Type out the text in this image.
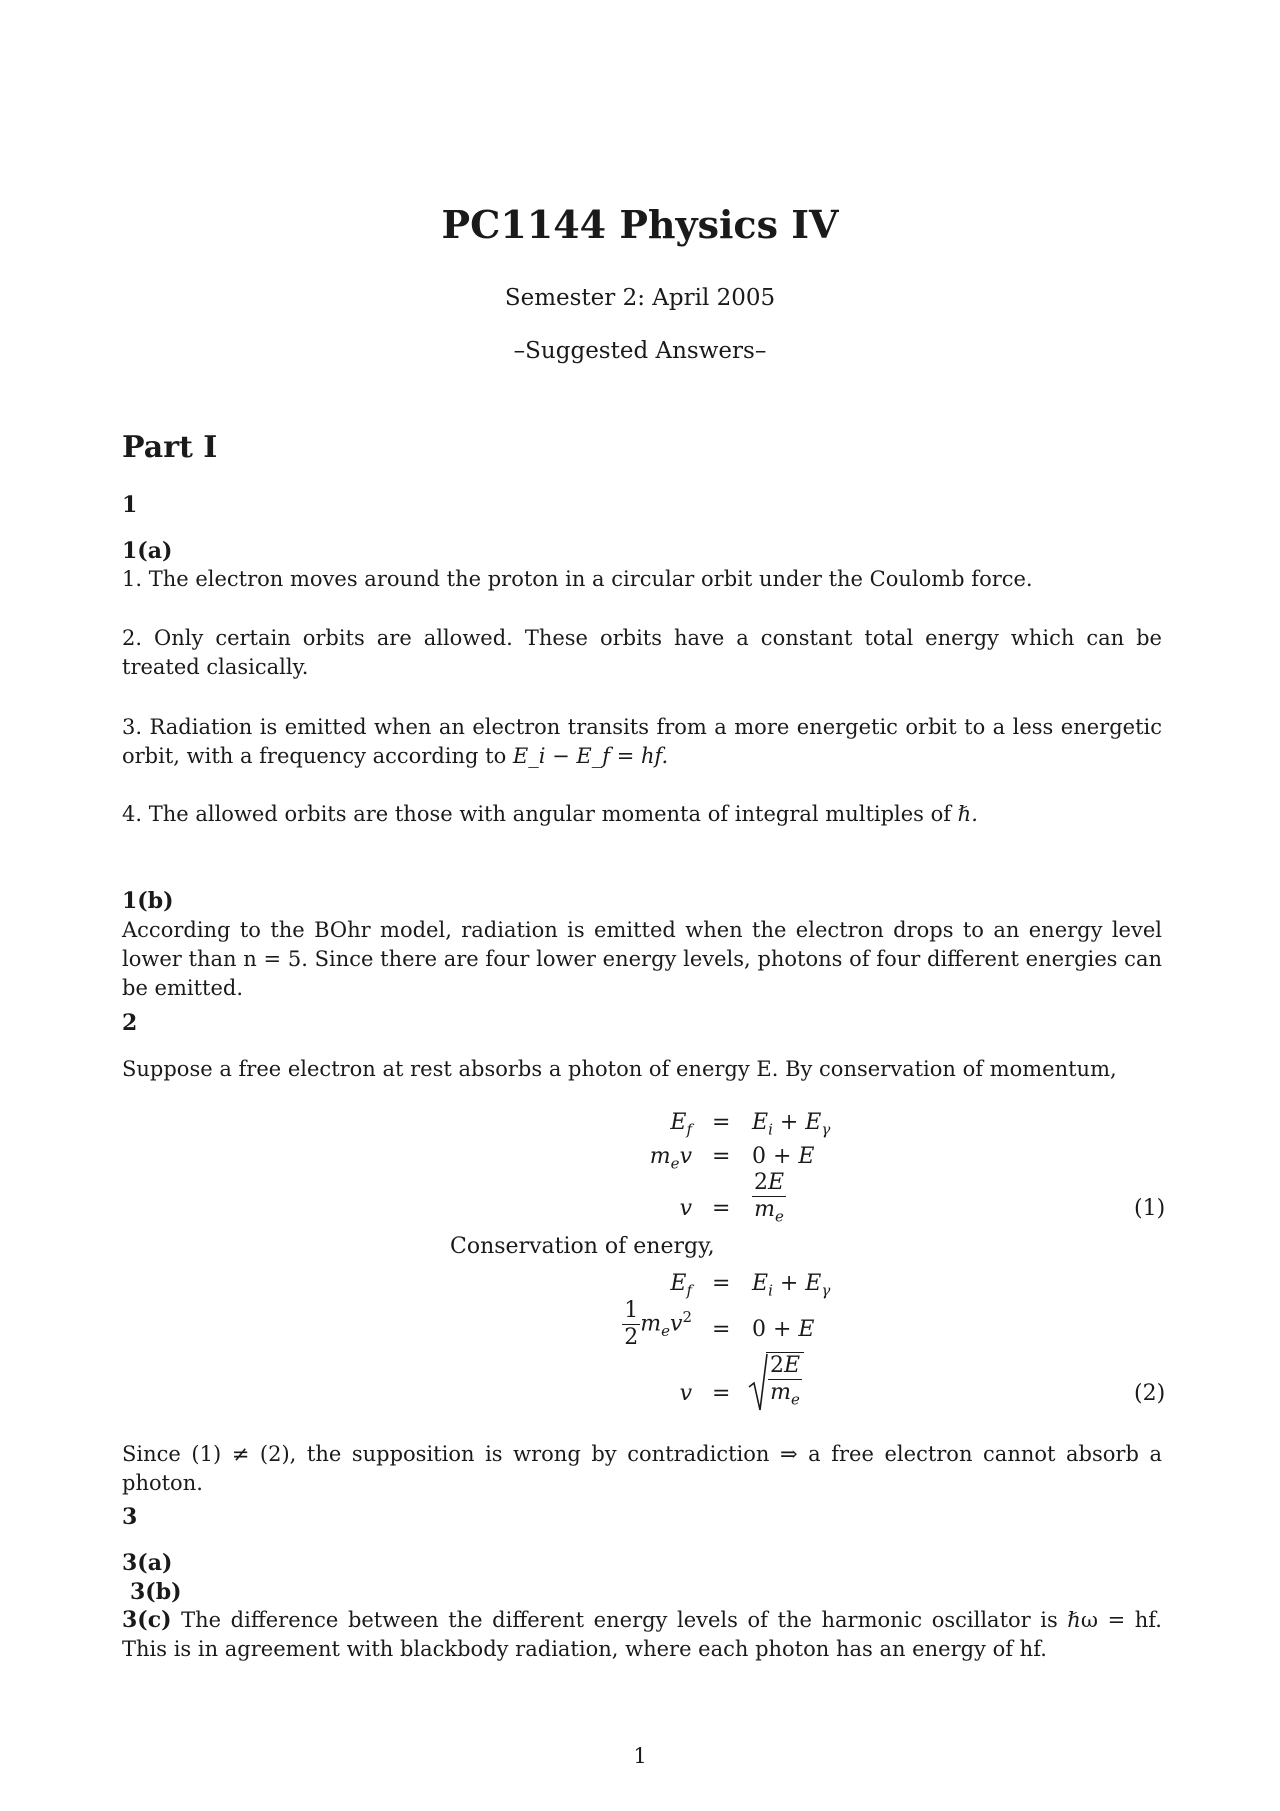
PC1144 Physics IV
Semester 2: April 2005
–Suggested Answers–
Part I
1
1(a)
1. The electron moves around the proton in a circular orbit under the Coulomb force.
2. Only certain orbits are allowed. These orbits have a constant total energy which can be treated clasically.
3. Radiation is emitted when an electron transits from a more energetic orbit to a less energetic orbit, with a frequency according to E_i − E_f = hf.
4. The allowed orbits are those with angular momenta of integral multiples of ℏ.
1(b)
According to the BOhr model, radiation is emitted when the electron drops to an energy level lower than n = 5. Since there are four lower energy levels, photons of four different energies can be emitted.
2
Suppose a free electron at rest absorbs a photon of energy E. By conservation of momentum,
$E_f = E_i + E_\gamma$
$m_ev = 0 + E$
$v = \frac{2E}{m_e}$	(1)
Conservation of energy,
$E_f = E_i + E_\gamma$
$\frac{1}{2} m_ev^2 = 0 + E$
$v = \frac{2E}{m_e}$	(2)
Since (1) ≠ (2), the supposition is wrong by contradiction ⇒ a free electron cannot absorb a photon.
3
3(a)
3(b)
3(c) The difference between the different energy levels of the harmonic oscillator is ℏω = hf. This is in agreement with blackbody radiation, where each photon has an energy of hf.
1
